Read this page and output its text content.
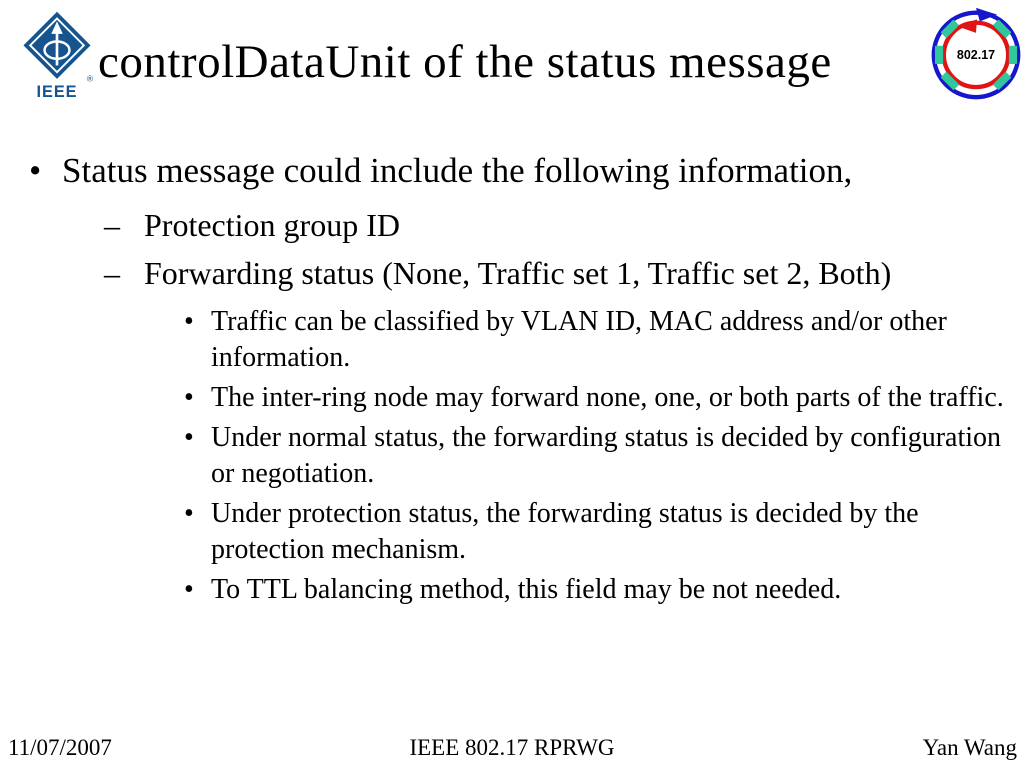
®
IEEE
controlDataUnit of the status message	802.17
• Status message could include the following information,
– Protection group ID
– Forwarding status (None, Traffic set 1, Traffic set 2, Both)
• Traffic can be classified by VLAN ID, MAC address and/or other information.
• The inter-ring node may forward none, one, or both parts of the traffic.
• Under normal status, the forwarding status is decided by configuration or negotiation.
• Under protection status, the forwarding status is decided by the protection mechanism.
• To TTL balancing method, this field may be not needed.
11/07/2007	IEEE 802.17 RPRWG	Yan Wang
